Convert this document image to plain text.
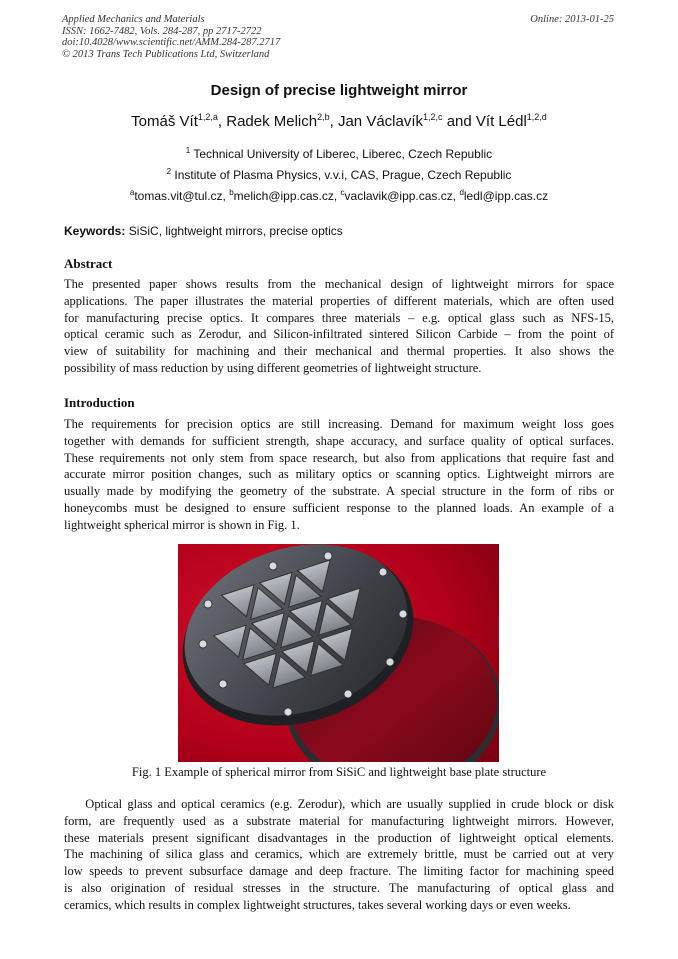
Applied Mechanics and Materials
ISSN: 1662-7482, Vols. 284-287, pp 2717-2722
doi:10.4028/www.scientific.net/AMM.284-287.2717
© 2013 Trans Tech Publications Ltd, Switzerland
Online: 2013-01-25
Design of precise lightweight mirror
Tomáš Vít$^{1,2,a}$, Radek Melich$^{2,b}$, Jan Václavík$^{1,2,c}$ and Vít Lédl$^{1,2,d}$
$^1$ Technical University of Liberec, Liberec, Czech Republic
$^2$ Institute of Plasma Physics, v.v.i, CAS, Prague, Czech Republic
$^a$tomas.vit@tul.cz, $^b$melich@ipp.cas.cz, $^c$vaclavik@ipp.cas.cz, $^d$ledl@ipp.cas.cz
Keywords: SiSiC, lightweight mirrors, precise optics
Abstract
The presented paper shows results from the mechanical design of lightweight mirrors for space
applications. The paper illustrates the material properties of different materials, which are often used
for manufacturing precise optics. It compares three materials – e.g. optical glass such as NFS-15,
optical ceramic such as Zerodur, and Silicon-infiltrated sintered Silicon Carbide – from the point of
view of suitability for machining and their mechanical and thermal properties. It also shows the
possibility of mass reduction by using different geometries of lightweight structure.
Introduction
The requirements for precision optics are still increasing. Demand for maximum weight loss goes
together with demands for sufficient strength, shape accuracy, and surface quality of optical surfaces.
These requirements not only stem from space research, but also from applications that require fast and
accurate mirror position changes, such as military optics or scanning optics. Lightweight mirrors are
usually made by modifying the geometry of the substrate. A special structure in the form of ribs or
honeycombs must be designed to ensure sufficient response to the planned loads. An example of a
lightweight spherical mirror is shown in Fig. 1.
Fig. 1 Example of spherical mirror from SiSiC and lightweight base plate structure
Optical glass and optical ceramics (e.g. Zerodur), which are usually supplied in crude block or disk
form, are frequently used as a substrate material for manufacturing lightweight mirrors. However,
these materials present significant disadvantages in the production of lightweight optical elements.
The machining of silica glass and ceramics, which are extremely brittle, must be carried out at very
low speeds to prevent subsurface damage and deep fracture. The limiting factor for machining speed
is also origination of residual stresses in the structure. The manufacturing of optical glass and
ceramics, which results in complex lightweight structures, takes several working days or even weeks.
